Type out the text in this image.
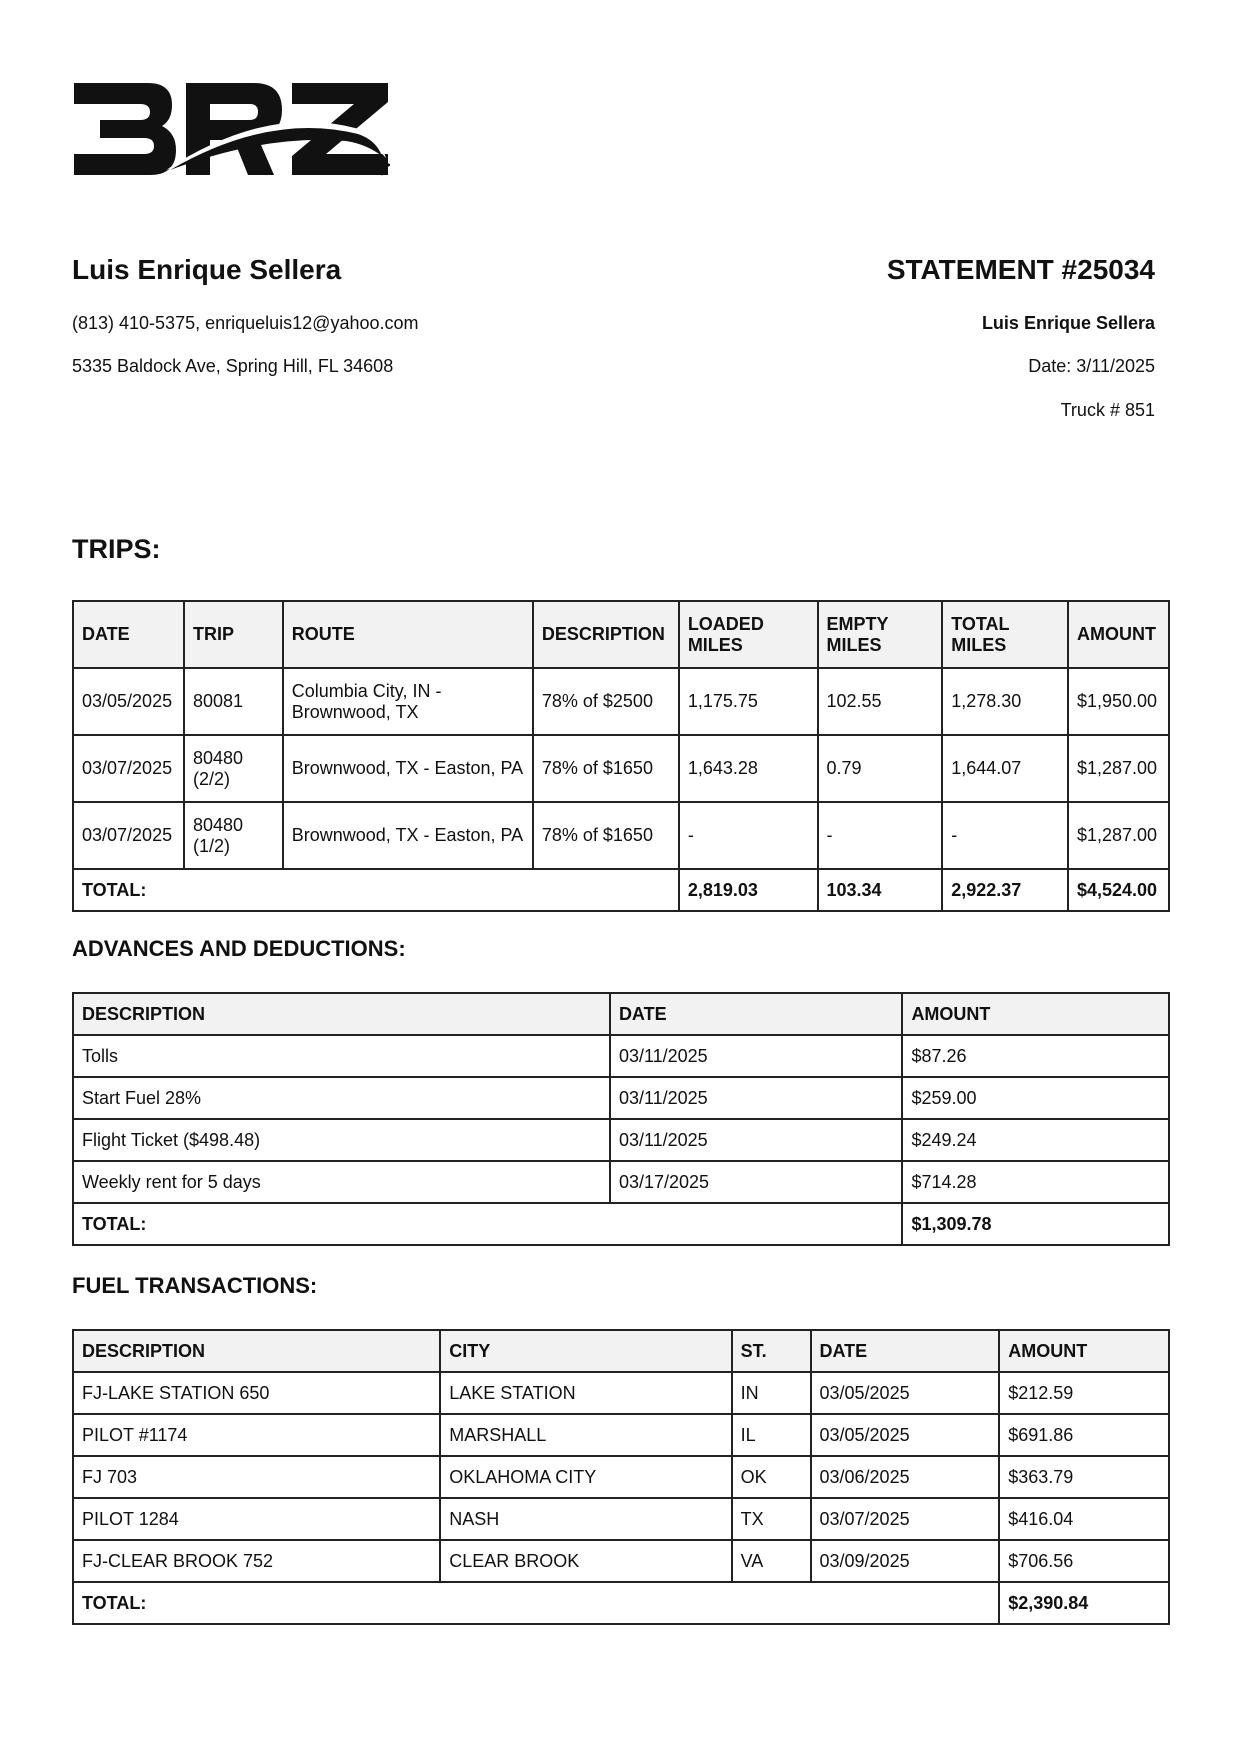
Luis Enrique Sellera
(813) 410-5375, enriqueluis12@yahoo.com
5335 Baldock Ave, Spring Hill, FL 34608
STATEMENT #25034
Luis Enrique Sellera
Date: 3/11/2025
Truck # 851
TRIPS:
DATE	TRIP	ROUTE	DESCRIPTION	LOADED MILES	EMPTY MILES	TOTAL MILES	AMOUNT
03/05/2025	80081	Columbia City, IN - Brownwood, TX	78% of $2500	1,175.75	102.55	1,278.30	$1,950.00
03/07/2025	80480 (2/2)	Brownwood, TX - Easton, PA	78% of $1650	1,643.28	0.79	1,644.07	$1,287.00
03/07/2025	80480 (1/2)	Brownwood, TX - Easton, PA	78% of $1650	-	-	-	$1,287.00
TOTAL:				2,819.03	103.34	2,922.37	$4,524.00
ADVANCES AND DEDUCTIONS:
DESCRIPTION	DATE	AMOUNT
Tolls	03/11/2025	$87.26
Start Fuel 28%	03/11/2025	$259.00
Flight Ticket ($498.48)	03/11/2025	$249.24
Weekly rent for 5 days	03/17/2025	$714.28
TOTAL:		$1,309.78
FUEL TRANSACTIONS:
DESCRIPTION	CITY	ST.	DATE	AMOUNT
FJ-LAKE STATION 650	LAKE STATION	IN	03/05/2025	$212.59
PILOT #1174	MARSHALL	IL	03/05/2025	$691.86
FJ 703	OKLAHOMA CITY	OK	03/06/2025	$363.79
PILOT 1284	NASH	TX	03/07/2025	$416.04
FJ-CLEAR BROOK 752	CLEAR BROOK	VA	03/09/2025	$706.56
TOTAL:				$2,390.84
